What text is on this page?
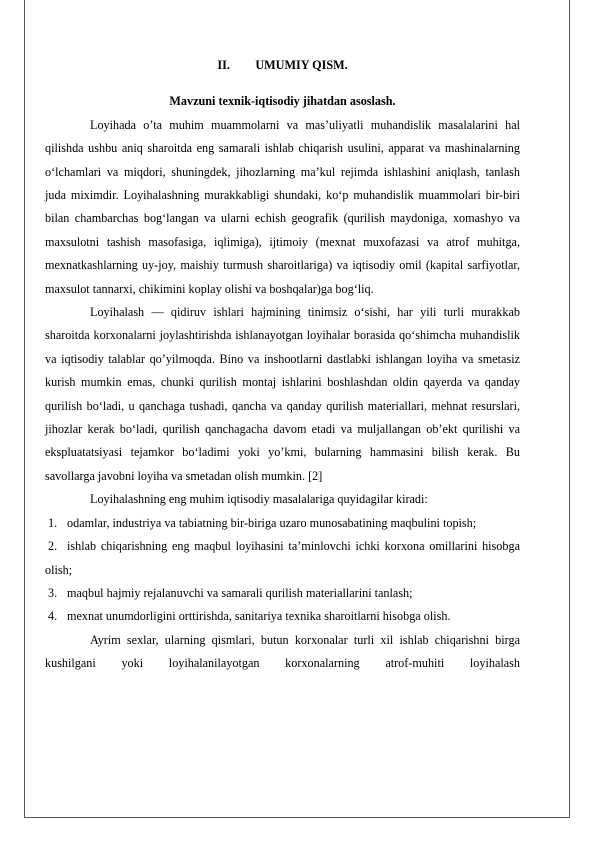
II. UMUMIY QISM.
Mavzuni texnik-iqtisodiy jihatdan asoslash.

Loyihada o’ta muhim muammolarni va mas’uliyatli muhandislik masalalarini hal qilishda ushbu aniq sharoitda eng samarali ishlab chiqarish usulini, apparat va mashinalarning o‘lchamlari va miqdori, shuningdek, jihozlarning ma’kul rejimda ishlashini aniqlash, tanlash juda miximdir. Loyihalashning murakkabligi shundaki, ko‘p muhandislik muammolari bir-biri bilan chambarchas bog‘langan va ularni echish geografik (qurilish maydoniga, xomashyo va maxsulotni tashish masofasiga, iqlimiga), ijtimoiy (mexnat muxofazasi va atrof muhitga, mexnatkashlarning uy-joy, maishiy turmush sharoitlariga) va iqtisodiy omil (kapital sarfiyotlar, maxsulot tannarxi, chikimini koplay olishi va boshqalar)ga bog‘liq.

Loyihalash — qidiruv ishlari hajmining tinimsiz o‘sishi, har yili turli murakkab sharoitda korxonalarni joylashtirishda ishlanayotgan loyihalar borasida qo‘shimcha muhandislik va iqtisodiy talablar qo’yilmoqda. Bino va inshootlarni dastlabki ishlangan loyiha va smetasiz kurish mumkin emas, chunki qurilish montaj ishlarini boshlashdan oldin qayerda va qanday qurilish bo‘ladi, u qanchaga tushadi, qancha va qanday qurilish materiallari, mehnat resurslari, jihozlar kerak bo‘ladi, qurilish qanchagacha davom etadi va muljallangan ob’ekt qurilishi va ekspluatatsiyasi tejamkor bo‘ladimi yoki yo’kmi, bularning hammasini bilish kerak. Bu savollarga javobni loyiha va smetadan olish mumkin. [2]

Loyihalashning eng muhim iqtisodiy masalalariga quyidagilar kiradi:

1. odamlar, industriya va tabiatning bir-biriga uzaro munosabatining maqbulini topish;

2. ishlab chiqarishning eng maqbul loyihasini ta’minlovchi ichki korxona omillarini hisobga olish;

3. maqbul hajmiy rejalanuvchi va samarali qurilish materiallarini tanlash;

4. mexnat unumdorligini orttirishda, sanitariya texnika sharoitlarni hisobga olish.

Ayrim sexlar, ularning qismlari, butun korxonalar turli xil ishlab chiqarishni birga kushilgani yoki loyihalanilayotgan korxonalarning atrof-muhiti loyihalash
